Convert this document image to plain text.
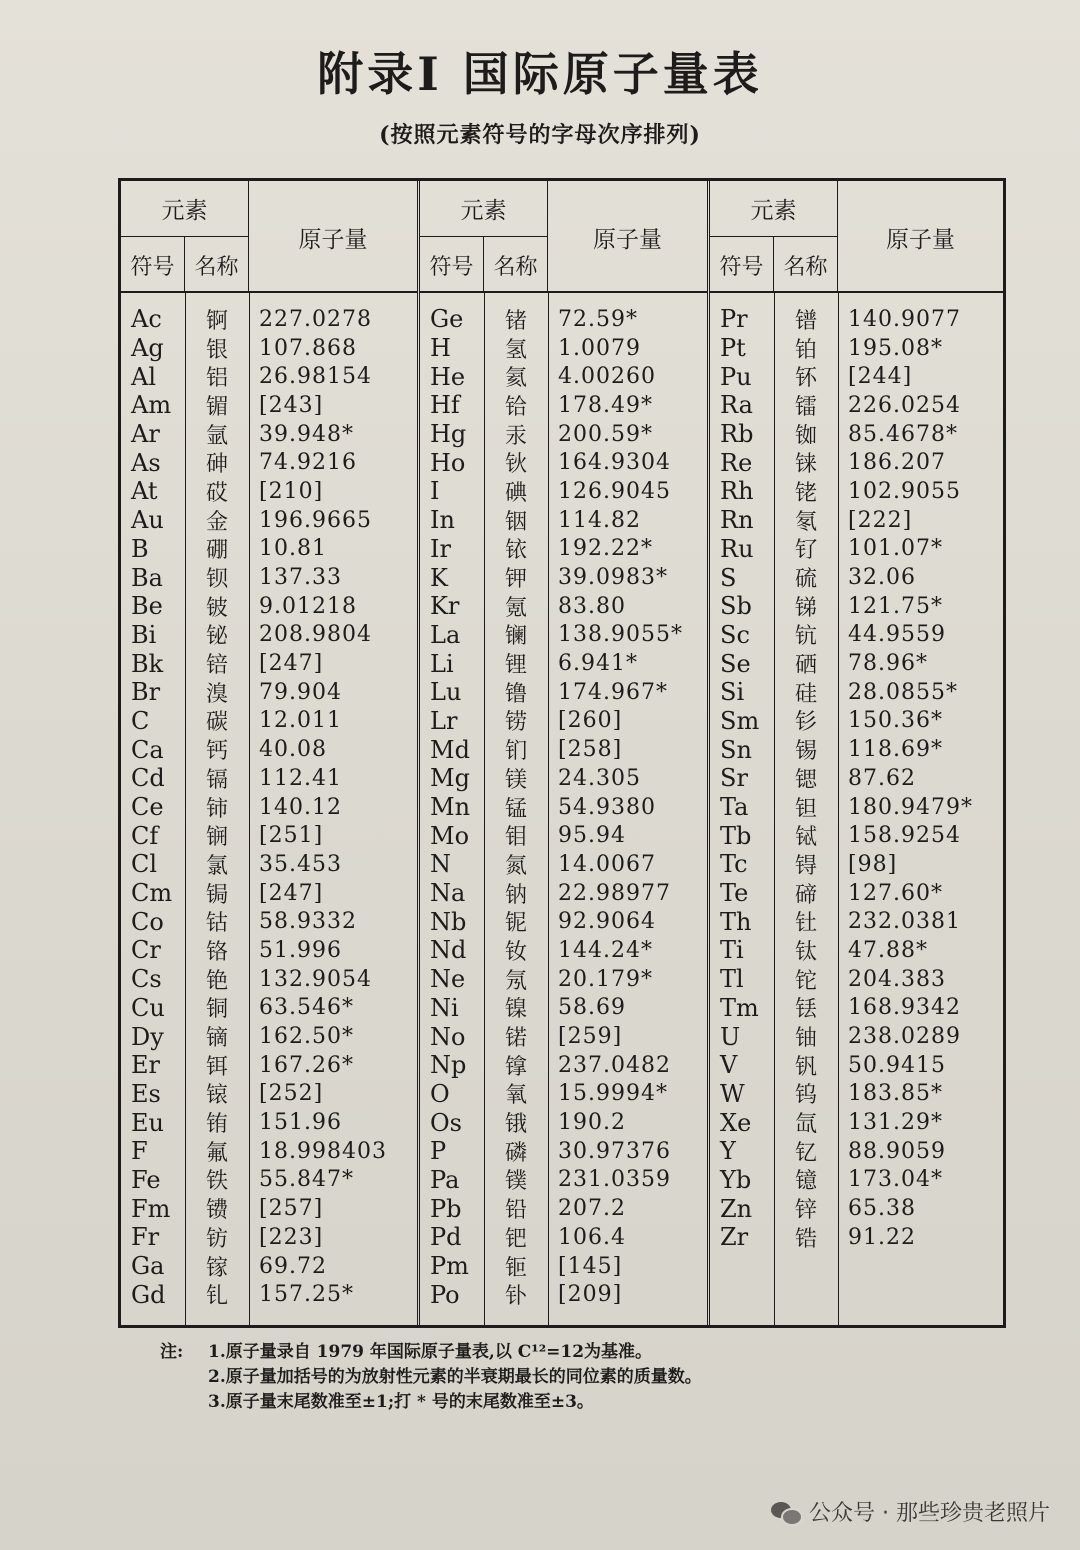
附录I 国际原子量表
(按照元素符号的字母次序排列)
元素
符号 名称
原子量
Ac	锕	227.0278
Ag	银	107.868
Al	铝	26.98154
Am	镅	[243]
Ar	氩	39.948*
As	砷	74.9216
At	砹	[210]
Au	金	196.9665
B	硼	10.81
Ba	钡	137.33
Be	铍	9.01218
Bi	铋	208.9804
Bk	锫	[247]
Br	溴	79.904
C	碳	12.011
Ca	钙	40.08
Cd	镉	112.41
Ce	铈	140.12
Cf	锎	[251]
Cl	氯	35.453
Cm	锔	[247]
Co	钴	58.9332
Cr	铬	51.996
Cs	铯	132.9054
Cu	铜	63.546*
Dy	镝	162.50*
Er	铒	167.26*
Es	锿	[252]
Eu	铕	151.96
F	氟	18.998403
Fe	铁	55.847*
Fm	镄	[257]
Fr	钫	[223]
Ga	镓	69.72
Gd	钆	157.25*
元素
符号 名称
原子量
Ge	锗	72.59*
H	氢	1.0079
He	氦	4.00260
Hf	铪	178.49*
Hg	汞	200.59*
Ho	钬	164.9304
I	碘	126.9045
In	铟	114.82
Ir	铱	192.22*
K	钾	39.0983*
Kr	氪	83.80
La	镧	138.9055*
Li	锂	6.941*
Lu	镥	174.967*
Lr	铹	[260]
Md	钔	[258]
Mg	镁	24.305
Mn	锰	54.9380
Mo	钼	95.94
N	氮	14.0067
Na	钠	22.98977
Nb	铌	92.9064
Nd	钕	144.24*
Ne	氖	20.179*
Ni	镍	58.69
No	锘	[259]
Np	镎	237.0482
O	氧	15.9994*
Os	锇	190.2
P	磷	30.97376
Pa	镤	231.0359
Pb	铅	207.2
Pd	钯	106.4
Pm	钷	[145]
Po	钋	[209]
元素
符号 名称
原子量
Pr	镨	140.9077
Pt	铂	195.08*
Pu	钚	[244]
Ra	镭	226.0254
Rb	铷	85.4678*
Re	铼	186.207
Rh	铑	102.9055
Rn	氡	[222]
Ru	钌	101.07*
S	硫	32.06
Sb	锑	121.75*
Sc	钪	44.9559
Se	硒	78.96*
Si	硅	28.0855*
Sm	钐	150.36*
Sn	锡	118.69*
Sr	锶	87.62
Ta	钽	180.9479*
Tb	铽	158.9254
Tc	锝	[98]
Te	碲	127.60*
Th	钍	232.0381
Ti	钛	47.88*
Tl	铊	204.383
Tm	铥	168.9342
U	铀	238.0289
V	钒	50.9415
W	钨	183.85*
Xe	氙	131.29*
Y	钇	88.9059
Yb	镱	173.04*
Zn	锌	65.38
Zr	锆	91.22
注: 1.原子量录自 1979 年国际原子量表,以 C¹²=12为基准。
2.原子量加括号的为放射性元素的半衰期最长的同位素的质量数。
3.原子量末尾数准至±1;打 * 号的末尾数准至±3。
公众号 · 那些珍贵老照片
